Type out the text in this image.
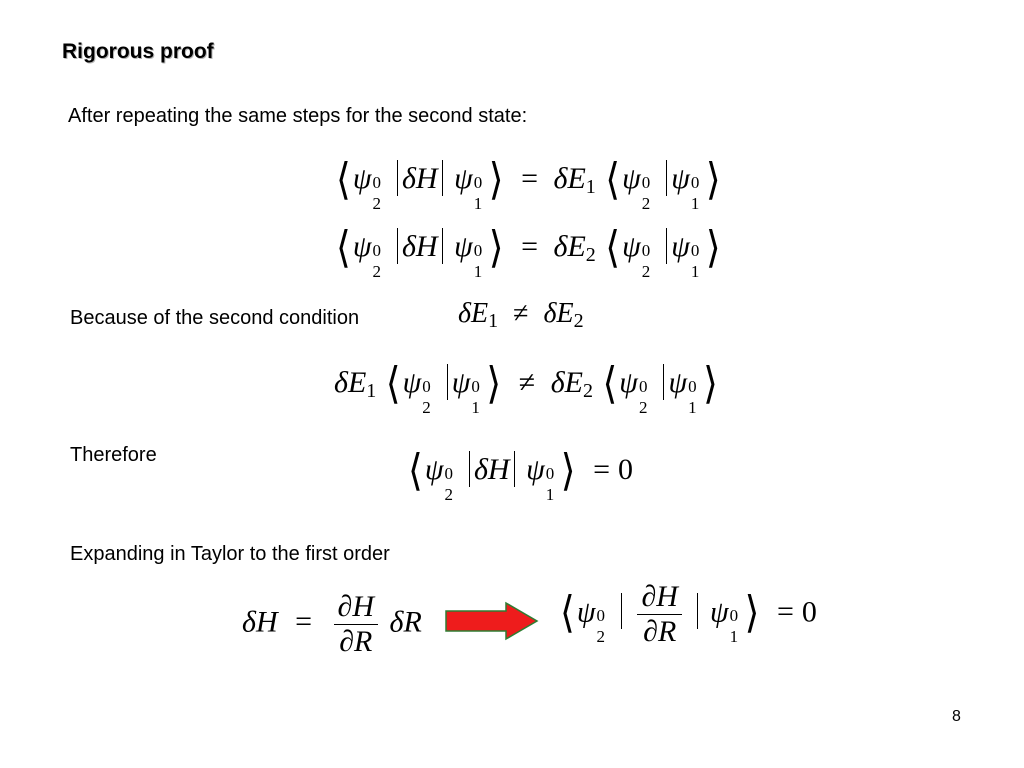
Rigorous proof
After repeating the same steps for the second state:
⟨ψ 0
2
δH ψ 0
1 ⟩ = δE1 ⟨ψ 0
2
ψ 0
1 ⟩
⟨ψ 0
2
δH ψ 0
1 ⟩ = δE2 ⟨ψ 0
2
ψ 0
1 ⟩
Because of the second condition	δE1 ≠ δE2
δE1 ⟨ψ 0
2
ψ 0
1 ⟩ ≠ δE2 ⟨ψ 0
2
ψ 0
1 ⟩
Therefore	⟨ψ 0
2
δH ψ 0
1 ⟩ = 0
Expanding in Taylor to the first order
$\delta H = \frac{\partial H}{\partial R}$ δR	⟨ψ 0
2
$\frac{\partial H}{\partial R}$ ψ 0
1 ⟩ = 0
8
